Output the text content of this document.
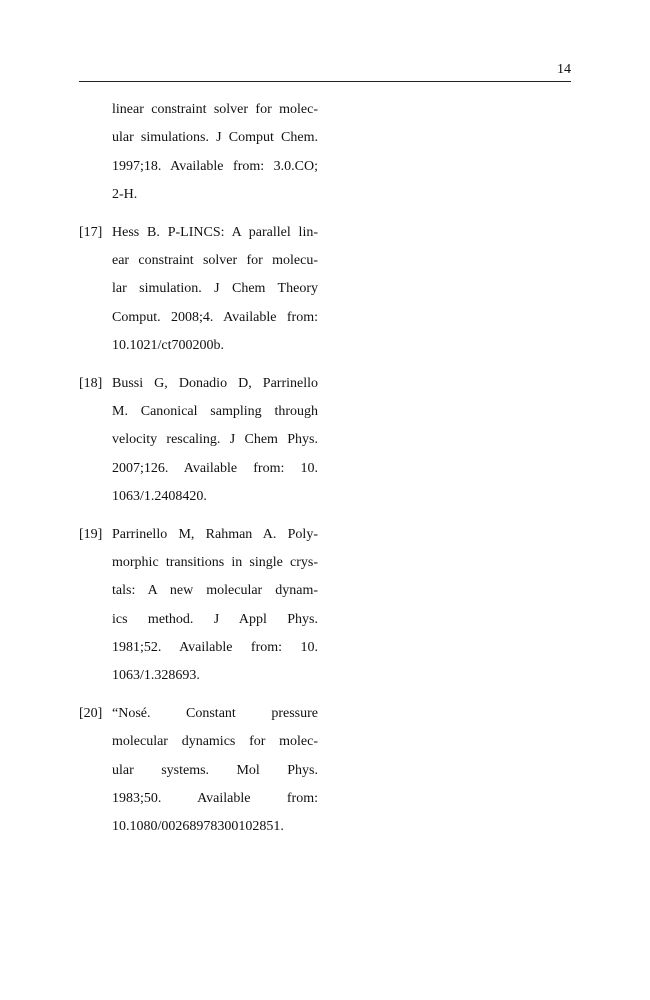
14
linear constraint solver for molec-
ular simulations. J Comput Chem.
1997;18. Available from: 3.0.CO;
2-H.
[17] Hess B. P-LINCS: A parallel lin-
ear constraint solver for molecu-
lar simulation. J Chem Theory
Comput. 2008;4. Available from:
10.1021/ct700200b.
[18] Bussi G, Donadio D, Parrinello
M. Canonical sampling through
velocity rescaling. J Chem Phys.
2007;126. Available from: 10.
1063/1.2408420.
[19] Parrinello M, Rahman A. Poly-
morphic transitions in single crys-
tals: A new molecular dynam-
ics method. J Appl Phys.
1981;52. Available from: 10.
1063/1.328693.
[20] “Nosé. Constant pressure
molecular dynamics for molec-
ular systems. Mol Phys.
1983;50. Available from:
10.1080/00268978300102851.
